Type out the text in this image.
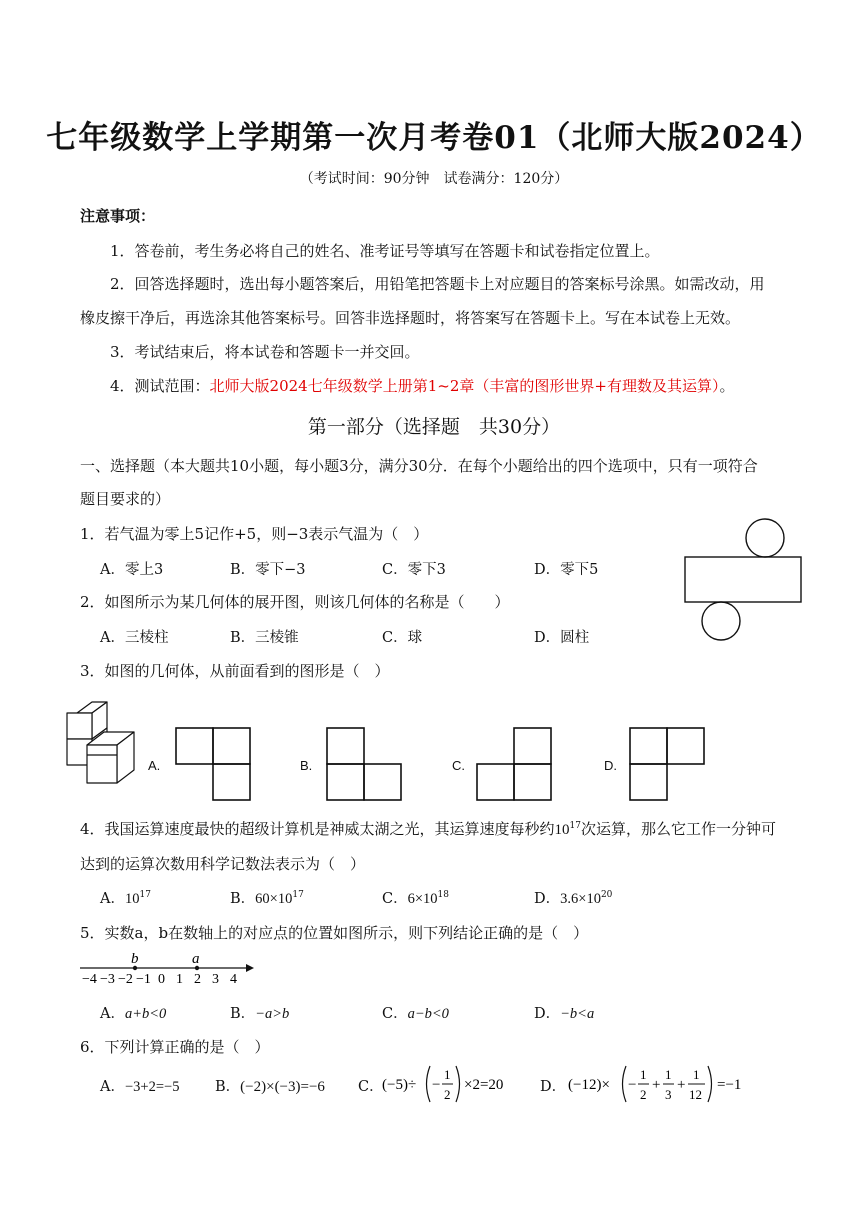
七年级数学上学期第一次月考卷01（北师大版2024）
（考试时间：90分钟　试卷满分：120分）
注意事项：
1．答卷前，考生务必将自己的姓名、准考证号等填写在答题卡和试卷指定位置上。
2．回答选择题时，选出每小题答案后，用铅笔把答题卡上对应题目的答案标号涂黑。如需改动，用
橡皮擦干净后，再选涂其他答案标号。回答非选择题时，将答案写在答题卡上。写在本试卷上无效。
3．考试结束后，将本试卷和答题卡一并交回。
4．测试范围：北师大版2024七年级数学上册第1~2章（丰富的图形世界+有理数及其运算）。
第一部分（选择题　共30分）
一、选择题（本大题共10小题，每小题3分，满分30分．在每个小题给出的四个选项中，只有一项符合
题目要求的）
1．若气温为零上5记作+5，则−3表示气温为（　）
A．零上3	B．零下−3	C．零下3	D．零下5
2．如图所示为某几何体的展开图，则该几何体的名称是（　　）
A．三棱柱	B．三棱锥	C．球	D．圆柱
3．如图的几何体，从前面看到的图形是（　）
A.	B.	C.	D.
4．我国运算速度最快的超级计算机是神威太湖之光，其运算速度每秒约$10^{17}$次运算，那么它工作一分钟可
达到的运算次数用科学记数法表示为（　）
A．$10^{17}$	B．$60\times 10^{17}$	C．$6\times 10^{18}$	D．$3.6\times 10^{20}$
5．实数a，b在数轴上的对应点的位置如图所示，则下列结论正确的是（　）
b	a
−4 −3 −2 −1 0 1 2 3 4
A．a+b<0	B．−a>b	C．a−b<0	D．−b<a
6．下列计算正确的是（　）
A．−3+2=−5 B．(−2)×(−3)=−6 C．
(−5)÷ −
1
2
×2=20	D． (−12)× −
1
2
+
1
3
+
1
12
=−1
